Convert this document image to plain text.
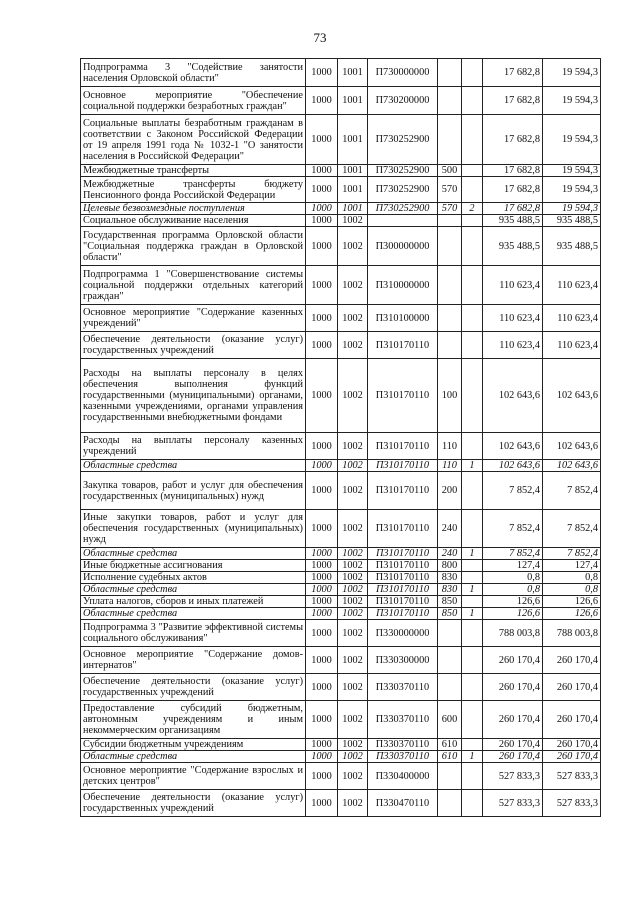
73
Подпрограмма 3 "Содействие занятости населения Орловской области"	1000	1001	П730000000			17 682,8	19 594,3
Основное мероприятие "Обеспечение социальной поддержки безработных граждан"	1000	1001	П730200000			17 682,8	19 594,3
Социальные выплаты безработным гражданам в соответствии с Законом Российской Федерации от 19 апреля 1991 года № 1032-1 "О занятости населения в Российской Федерации"	1000	1001	П730252900			17 682,8	19 594,3
Межбюджетные трансферты	1000	1001	П730252900	500		17 682,8	19 594,3
Межбюджетные трансферты бюджету Пенсионного фонда Российской Федерации	1000	1001	П730252900	570		17 682,8	19 594,3
Целевые безвозмездные поступления	1000	1001	П730252900	570	2	17 682,8	19 594,3
Социальное обслуживание населения	1000	1002				935 488,5	935 488,5
Государственная программа Орловской области "Социальная поддержка граждан в Орловской области"	1000	1002	П300000000			935 488,5	935 488,5
Подпрограмма 1 "Совершенствование системы социальной поддержки отдельных категорий граждан"	1000	1002	П310000000			110 623,4	110 623,4
Основное мероприятие "Содержание казенных учреждений"	1000	1002	П310100000			110 623,4	110 623,4
Обеспечение деятельности (оказание услуг) государственных учреждений	1000	1002	П310170110			110 623,4	110 623,4
Расходы на выплаты персоналу в целях обеспечения выполнения функций государственными (муниципальными) органами, казенными учреждениями, органами управления государственными внебюджетными фондами	1000	1002	П310170110	100		102 643,6	102 643,6
Расходы на выплаты персоналу казенных учреждений	1000	1002	П310170110	110		102 643,6	102 643,6
Областные средства	1000	1002	П310170110	110	1	102 643,6	102 643,6
Закупка товаров, работ и услуг для обеспечения государственных (муниципальных) нужд	1000	1002	П310170110	200		7 852,4	7 852,4
Иные закупки товаров, работ и услуг для обеспечения государственных (муниципальных) нужд	1000	1002	П310170110	240		7 852,4	7 852,4
Областные средства	1000	1002	П310170110	240	1	7 852,4	7 852,4
Иные бюджетные ассигнования	1000	1002	П310170110	800		127,4	127,4
Исполнение судебных актов	1000	1002	П310170110	830		0,8	0,8
Областные средства	1000	1002	П310170110	830	1	0,8	0,8
Уплата налогов, сборов и иных платежей	1000	1002	П310170110	850		126,6	126,6
Областные средства	1000	1002	П310170110	850	1	126,6	126,6
Подпрограмма 3 "Развитие эффективной системы социального обслуживания"	1000	1002	П330000000			788 003,8	788 003,8
Основное мероприятие "Содержание домов-интернатов"	1000	1002	П330300000			260 170,4	260 170,4
Обеспечение деятельности (оказание услуг) государственных учреждений	1000	1002	П330370110			260 170,4	260 170,4
Предоставление субсидий бюджетным, автономным учреждениям и иным некоммерческим организациям	1000	1002	П330370110	600		260 170,4	260 170,4
Субсидии бюджетным учреждениям	1000	1002	П330370110	610		260 170,4	260 170,4
Областные средства	1000	1002	П330370110	610	1	260 170,4	260 170,4
Основное мероприятие "Содержание взрослых и детских центров"	1000	1002	П330400000			527 833,3	527 833,3
Обеспечение деятельности (оказание услуг) государственных учреждений	1000	1002	П330470110			527 833,3	527 833,3
